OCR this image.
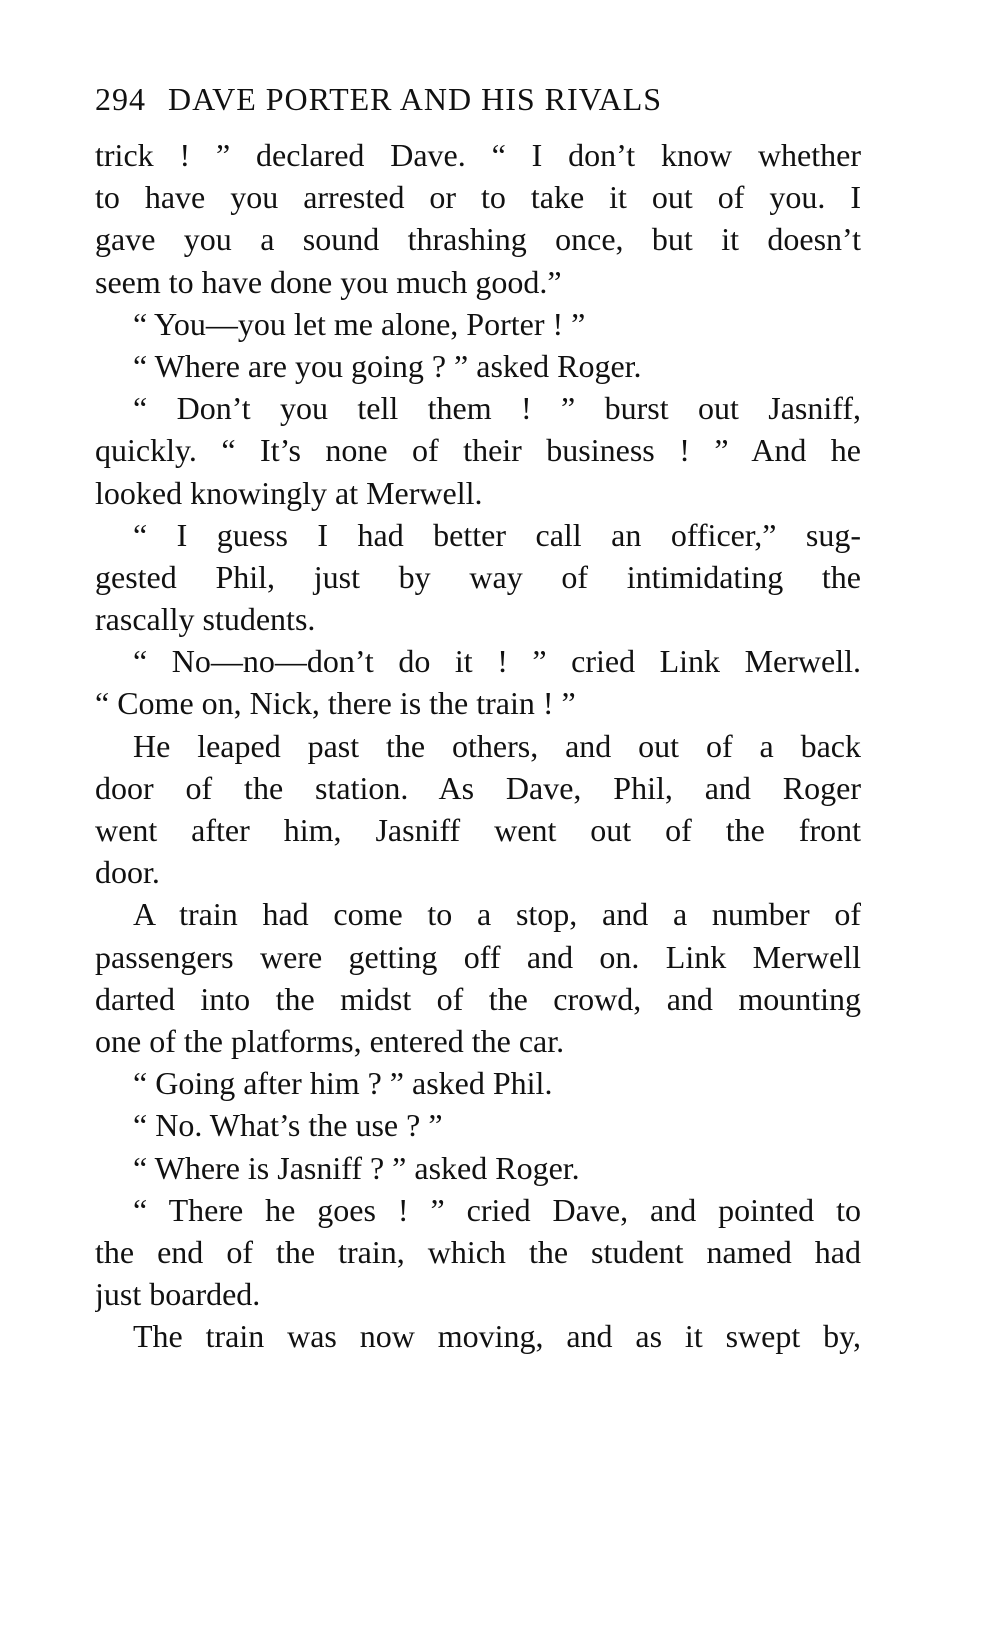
294 DAVE PORTER AND HIS RIVALS
trick ! ” declared Dave. “ I don’t know whether
to have you arrested or to take it out of you. I
gave you a sound thrashing once, but it doesn’t
seem to have done you much good.”
“ You—you let me alone, Porter ! ”
“ Where are you going ? ” asked Roger.
“ Don’t you tell them ! ” burst out Jasniff,
quickly. “ It’s none of their business ! ” And he
looked knowingly at Merwell.
“ I guess I had better call an officer,” sug-
gested Phil, just by way of intimidating the
rascally students.
“ No—no—don’t do it ! ” cried Link Merwell.
“ Come on, Nick, there is the train ! ”
He leaped past the others, and out of a back
door of the station. As Dave, Phil, and Roger
went after him, Jasniff went out of the front
door.
A train had come to a stop, and a number of
passengers were getting off and on. Link Merwell
darted into the midst of the crowd, and mounting
one of the platforms, entered the car.
“ Going after him ? ” asked Phil.
“ No. What’s the use ? ”
“ Where is Jasniff ? ” asked Roger.
“ There he goes ! ” cried Dave, and pointed to
the end of the train, which the student named had
just boarded.
The train was now moving, and as it swept by,
